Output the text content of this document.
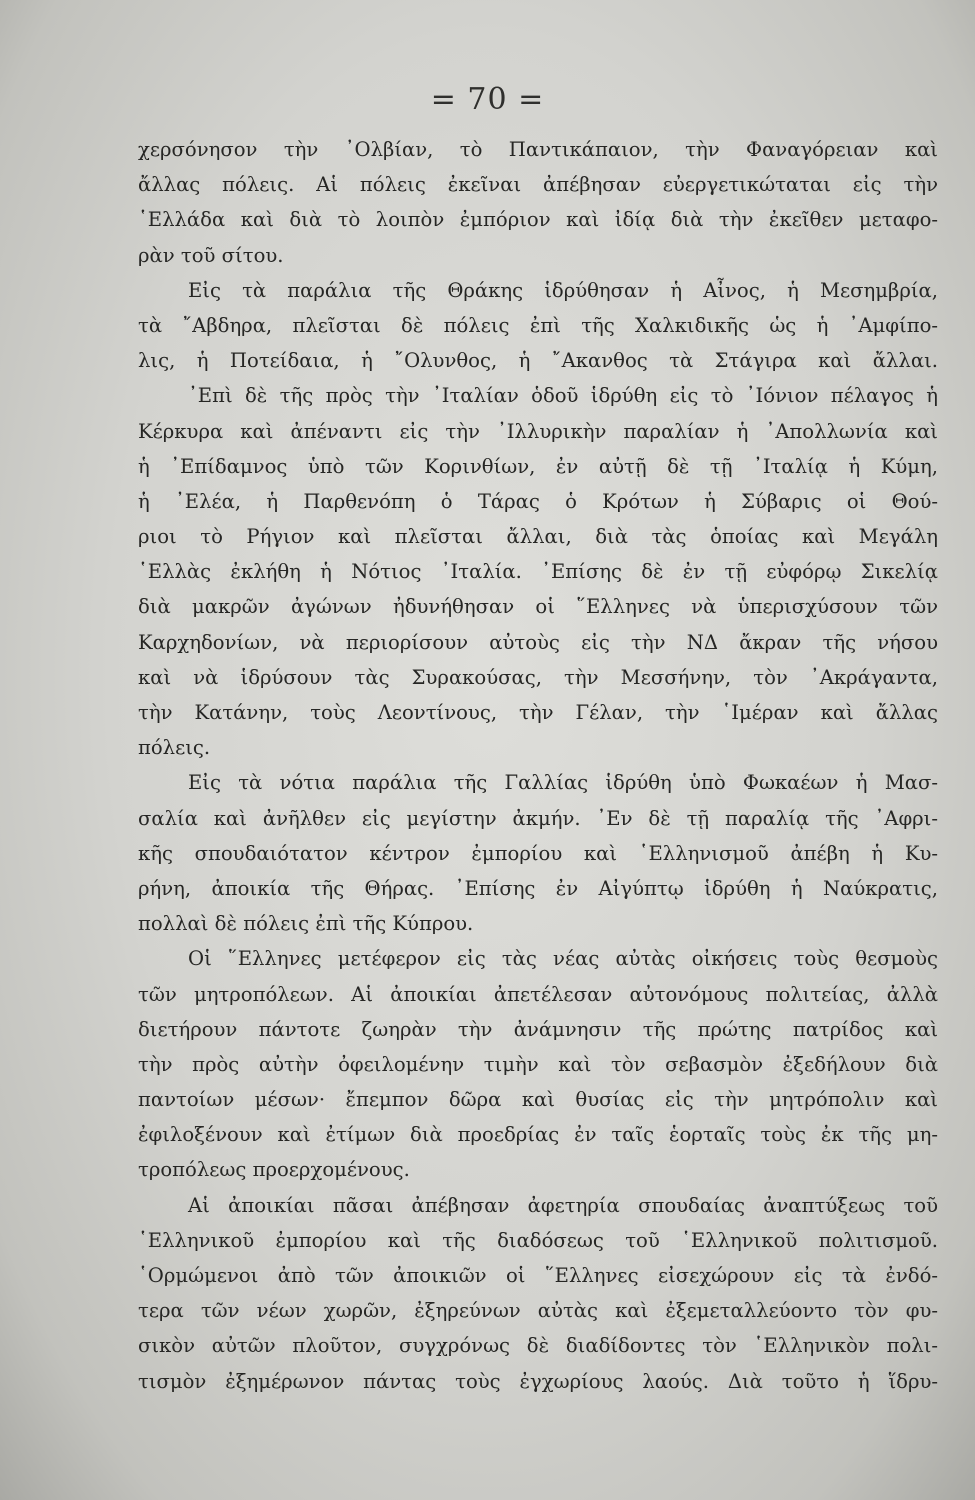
= 70 =
χερσόνησον τὴν ᾿Ολβίαν, τὸ Παντικάπαιον, τὴν Φαναγόρειαν καὶ
ἄλλας πόλεις. Αἱ πόλεις ἐκεῖναι ἀπέβησαν εὐεργετικώταται εἰς τὴν
῾Ελλάδα καὶ διὰ τὸ λοιπὸν ἐμπόριον καὶ ἰδίᾳ διὰ τὴν ἐκεῖθεν μεταφο-
ρὰν τοῦ σίτου.
Εἰς τὰ παράλια τῆς Θράκης ἱδρύθησαν ἡ Αἶνος, ἡ Μεσημβρία,
τὰ ῎Αβδηρα, πλεῖσται δὲ πόλεις ἐπὶ τῆς Χαλκιδικῆς ὡς ἡ ᾿Αμφίπο-
λις, ἡ Ποτείδαια, ἡ ῎Ολυνθος, ἡ ῎Ακανθος τὰ Στάγιρα καὶ ἄλλαι.
᾿Επὶ δὲ τῆς πρὸς τὴν ᾿Ιταλίαν ὁδοῦ ἱδρύθη εἰς τὸ ᾿Ιόνιον πέλαγος ἡ
Κέρκυρα καὶ ἀπέναντι εἰς τὴν ᾿Ιλλυρικὴν παραλίαν ἡ ᾿Απολλωνία καὶ
ἡ ᾿Επίδαμνος ὑπὸ τῶν Κορινθίων, ἐν αὐτῇ δὲ τῇ ᾿Ιταλίᾳ ἡ Κύμη,
ἡ ᾿Ελέα, ἡ Παρθενόπη ὁ Τάρας ὁ Κρότων ἡ Σύβαρις οἱ Θού-
ριοι τὸ Ρήγιον καὶ πλεῖσται ἄλλαι, διὰ τὰς ὁποίας καὶ Μεγάλη
῾Ελλὰς ἐκλήθη ἡ Νότιος ᾿Ιταλία. ᾿Επίσης δὲ ἐν τῇ εὐφόρῳ Σικελίᾳ
διὰ μακρῶν ἀγώνων ἠδυνήθησαν οἱ ῞Ελληνες νὰ ὑπερισχύσουν τῶν
Καρχηδονίων, νὰ περιορίσουν αὐτοὺς εἰς τὴν ΝΔ ἄκραν τῆς νήσου
καὶ νὰ ἱδρύσουν τὰς Συρακούσας, τὴν Μεσσήνην, τὸν ᾿Ακράγαντα,
τὴν Κατάνην, τοὺς Λεοντίνους, τὴν Γέλαν, τὴν ῾Ιμέραν καὶ ἄλλας
πόλεις.
Εἰς τὰ νότια παράλια τῆς Γαλλίας ἱδρύθη ὑπὸ Φωκαέων ἡ Μασ-
σαλία καὶ ἀνῆλθεν εἰς μεγίστην ἀκμήν. ᾿Εν δὲ τῇ παραλίᾳ τῆς ᾿Αφρι-
κῆς σπουδαιότατον κέντρον ἐμπορίου καὶ ῾Ελληνισμοῦ ἀπέβη ἡ Κυ-
ρήνη, ἀποικία τῆς Θήρας. ᾿Επίσης ἐν Αἰγύπτῳ ἱδρύθη ἡ Ναύκρατις,
πολλαὶ δὲ πόλεις ἐπὶ τῆς Κύπρου.
Οἱ ῞Ελληνες μετέφερον εἰς τὰς νέας αὐτὰς οἰκήσεις τοὺς θεσμοὺς
τῶν μητροπόλεων. Αἱ ἀποικίαι ἀπετέλεσαν αὐτονόμους πολιτείας, ἀλλὰ
διετήρουν πάντοτε ζωηρὰν τὴν ἀνάμνησιν τῆς πρώτης πατρίδος καὶ
τὴν πρὸς αὐτὴν ὀφειλομένην τιμὴν καὶ τὸν σεβασμὸν ἐξεδήλουν διὰ
παντοίων μέσων· ἔπεμπον δῶρα καὶ θυσίας εἰς τὴν μητρόπολιν καὶ
ἐφιλοξένουν καὶ ἐτίμων διὰ προεδρίας ἐν ταῖς ἑορταῖς τοὺς ἐκ τῆς μη-
τροπόλεως προερχομένους.
Αἱ ἀποικίαι πᾶσαι ἀπέβησαν ἀφετηρία σπουδαίας ἀναπτύξεως τοῦ
῾Ελληνικοῦ ἐμπορίου καὶ τῆς διαδόσεως τοῦ ῾Ελληνικοῦ πολιτισμοῦ.
῾Ορμώμενοι ἀπὸ τῶν ἀποικιῶν οἱ ῞Ελληνες εἰσεχώρουν εἰς τὰ ἐνδό-
τερα τῶν νέων χωρῶν, ἐξηρεύνων αὐτὰς καὶ ἐξεμεταλλεύοντο τὸν φυ-
σικὸν αὐτῶν πλοῦτον, συγχρόνως δὲ διαδίδοντες τὸν ῾Ελληνικὸν πολι-
τισμὸν ἐξημέρωνον πάντας τοὺς ἐγχωρίους λαούς. Διὰ τοῦτο ἡ ἵδρυ-
